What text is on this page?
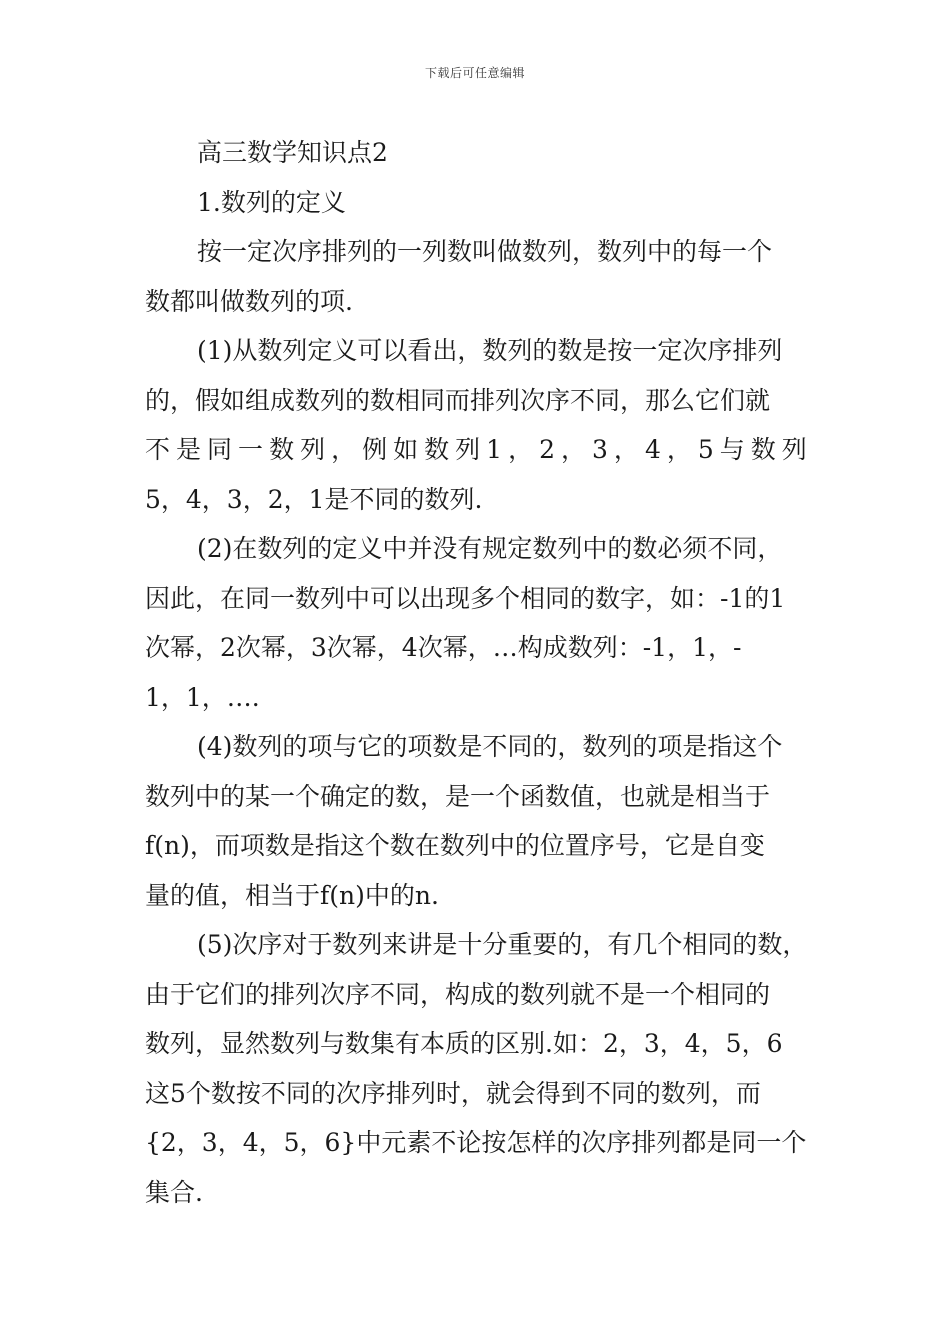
下载后可任意编辑
高三数学知识点2
1.数列的定义
按一定次序排列的一列数叫做数列，数列中的每一个
数都叫做数列的项.
(1)从数列定义可以看出，数列的数是按一定次序排列
的，假如组成数列的数相同而排列次序不同，那么它们就
不 是 同 一 数 列 ， 例 如 数 列 1 ， 2 ， 3 ， 4 ， 5 与 数 列
5，4，3，2，1是不同的数列.
(2)在数列的定义中并没有规定数列中的数必须不同，
因此，在同一数列中可以出现多个相同的数字，如：-1的1
次幂，2次幂，3次幂，4次幂，…构成数列：-1，1，-
1，1，….
(4)数列的项与它的项数是不同的，数列的项是指这个
数列中的某一个确定的数，是一个函数值，也就是相当于
f(n)，而项数是指这个数在数列中的位置序号，它是自变
量的值，相当于f(n)中的n.
(5)次序对于数列来讲是十分重要的，有几个相同的数，
由于它们的排列次序不同，构成的数列就不是一个相同的
数列，显然数列与数集有本质的区别.如：2，3，4，5，6
这5个数按不同的次序排列时，就会得到不同的数列，而
{2，3，4，5，6}中元素不论按怎样的次序排列都是同一个
集合.
